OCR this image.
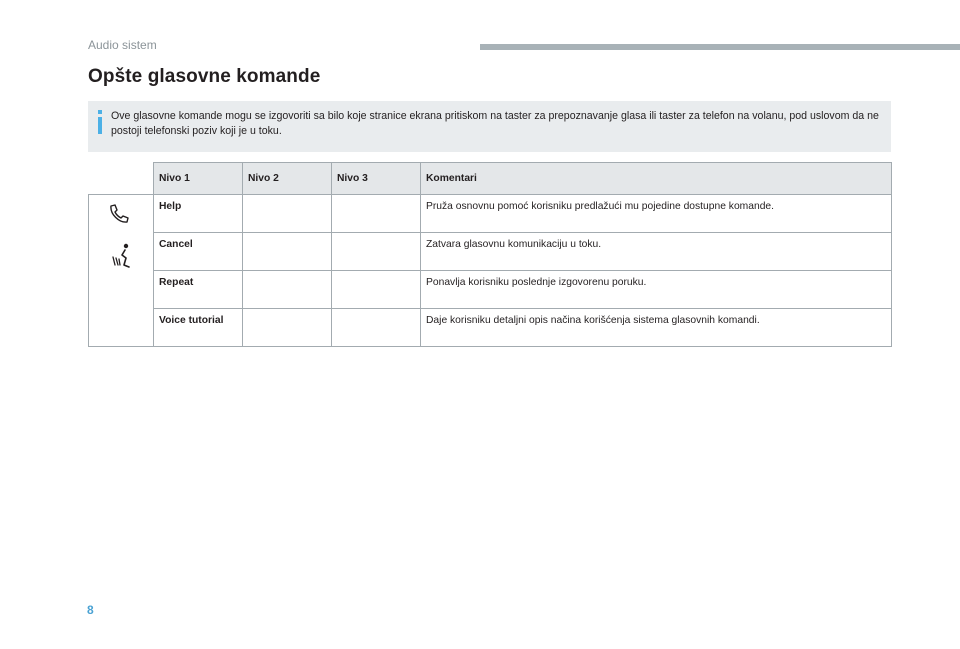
Audio sistem
Opšte glasovne komande
Ove glasovne komande mogu se izgovoriti sa bilo koje stranice ekrana pritiskom na taster za prepoznavanje glasa ili taster za telefon na volanu, pod uslovom da ne postoji telefonski poziv koji je u toku.
	Nivo 1	Nivo 2	Nivo 3	Komentari

	Help			Pruža osnovnu pomoć korisniku predlažući mu pojedine dostupne komande.
	Cancel			Zatvara glasovnu komunikaciju u toku.
	Repeat			Ponavlja korisniku poslednje izgovorenu poruku.
	Voice tutorial			Daje korisniku detaljni opis načina korišćenja sistema glasovnih komandi.
8
